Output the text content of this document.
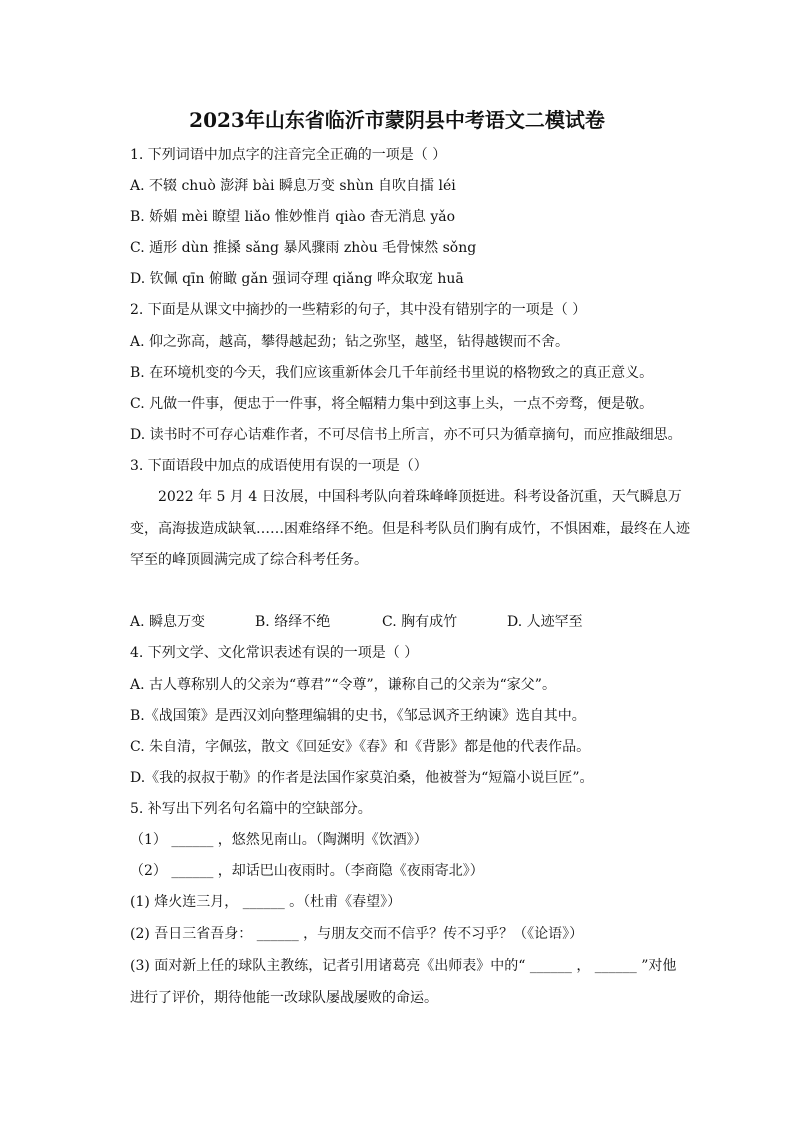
2023年山东省临沂市蒙阴县中考语文二模试卷
1. 下列词语中加点字的注音完全正确的一项是（ ）
A. 不辍 chuò 澎湃 bài 瞬息万变 shùn 自吹自擂 léi
B. 娇媚 mèi 瞭望 liǎo 惟妙惟肖 qiào 杳无消息 yǎo
C. 遁形 dùn 推搡 sǎng 暴风骤雨 zhòu 毛骨悚然 sǒng
D. 钦佩 qīn 俯瞰 gǎn 强词夺理 qiǎng 哗众取宠 huā
2. 下面是从课文中摘抄的一些精彩的句子，其中没有错别字的一项是（ ）
A. 仰之弥高，越高，攀得越起劲；钻之弥坚，越坚，钻得越锲而不舍。
B. 在环境机变的今天，我们应该重新体会几千年前经书里说的格物致之的真正意义。
C. 凡做一件事，便忠于一件事，将全幅精力集中到这事上头，一点不旁骛，便是敬。
D. 读书时不可存心诘难作者，不可尽信书上所言，亦不可只为循章摘句，而应推敲细思。
3. 下面语段中加点的成语使用有误的一项是（）
2022 年 5 月 4 日汝展，中国科考队向着珠峰峰顶挺进。科考设备沉重，天气瞬息万变，高海拔造成缺氧……困难络绎不绝。但是科考队员们胸有成竹，不惧困难，最终在人迹罕至的峰顶圆满完成了综合科考任务。
A. 瞬息万变	B. 络绎不绝	C. 胸有成竹	D. 人迹罕至
4. 下列文学、文化常识表述有误的一项是（ ）
A. 古人尊称别人的父亲为“尊君”“令尊”，谦称自己的父亲为“家父”。
B.《战国策》是西汉刘向整理编辑的史书，《邹忌讽齐王纳谏》选自其中。
C. 朱自清，字佩弦，散文《回延安》《春》和《背影》都是他的代表作品。
D.《我的叔叔于勒》的作者是法国作家莫泊桑，他被誉为“短篇小说巨匠”。
5. 补写出下列名句名篇中的空缺部分。
（1） ______ ，悠然见南山。（陶渊明《饮酒》）
（2） ______ ，却话巴山夜雨时。（李商隐《夜雨寄北》）
(1) 烽火连三月， ______ 。（杜甫《春望》）
(2) 吾日三省吾身： ______ ，与朋友交而不信乎？传不习乎？（《论语》）
(3) 面对新上任的球队主教练，记者引用诸葛亮《出师表》中的“ ______ ， ______ ”对他
进行了评价，期待他能一改球队屡战屡败的命运。
